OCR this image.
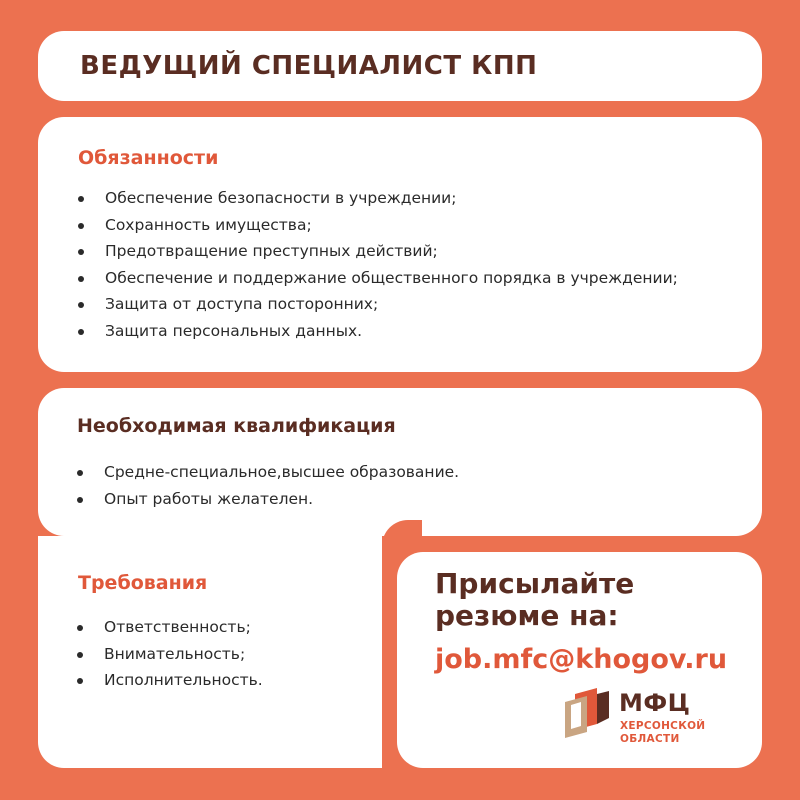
ВЕДУЩИЙ СПЕЦИАЛИСТ КПП
Обязанности
Обеспечение безопасности в учреждении;
Сохранность имущества;
Предотвращение преступных действий;
Обеспечение и поддержание общественного порядка в учреждении;
Защита от доступа посторонних;
Защита персональных данных.
Необходимая квалификация
Средне-специальное,высшее образование.
Опыт работы желателен.
Требования
Ответственность;
Внимательность;
Исполнительность.
Присылайте
резюме на:
job.mfc@khogov.ru
МФЦ
ХЕРСОНСКОЙ
ОБЛАСТИ
